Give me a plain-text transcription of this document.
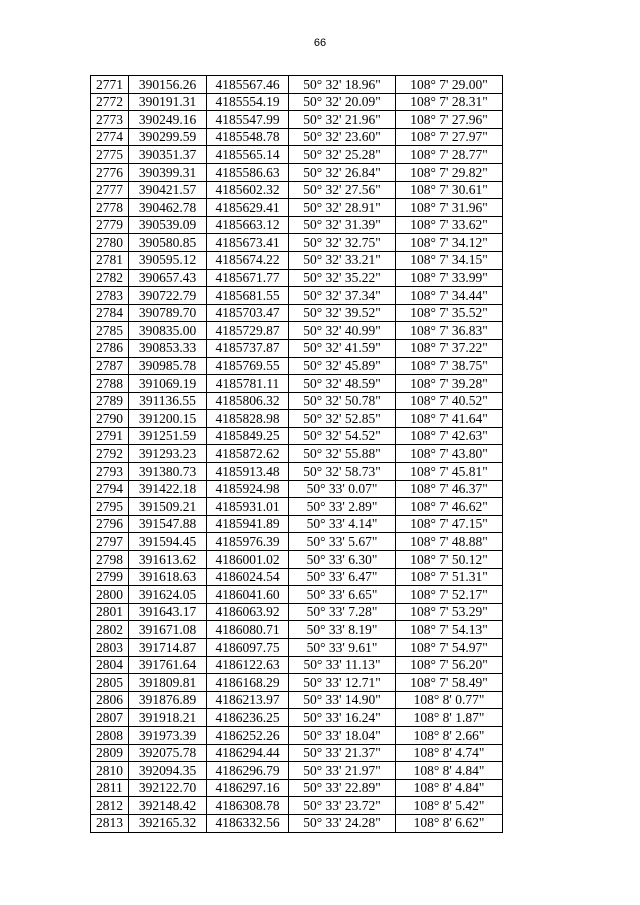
66
2771	390156.26	4185567.46	50° 32' 18.96"	108° 7' 29.00"
2772	390191.31	4185554.19	50° 32' 20.09"	108° 7' 28.31"
2773	390249.16	4185547.99	50° 32' 21.96"	108° 7' 27.96"
2774	390299.59	4185548.78	50° 32' 23.60"	108° 7' 27.97"
2775	390351.37	4185565.14	50° 32' 25.28"	108° 7' 28.77"
2776	390399.31	4185586.63	50° 32' 26.84"	108° 7' 29.82"
2777	390421.57	4185602.32	50° 32' 27.56"	108° 7' 30.61"
2778	390462.78	4185629.41	50° 32' 28.91"	108° 7' 31.96"
2779	390539.09	4185663.12	50° 32' 31.39"	108° 7' 33.62"
2780	390580.85	4185673.41	50° 32' 32.75"	108° 7' 34.12"
2781	390595.12	4185674.22	50° 32' 33.21"	108° 7' 34.15"
2782	390657.43	4185671.77	50° 32' 35.22"	108° 7' 33.99"
2783	390722.79	4185681.55	50° 32' 37.34"	108° 7' 34.44"
2784	390789.70	4185703.47	50° 32' 39.52"	108° 7' 35.52"
2785	390835.00	4185729.87	50° 32' 40.99"	108° 7' 36.83"
2786	390853.33	4185737.87	50° 32' 41.59"	108° 7' 37.22"
2787	390985.78	4185769.55	50° 32' 45.89"	108° 7' 38.75"
2788	391069.19	4185781.11	50° 32' 48.59"	108° 7' 39.28"
2789	391136.55	4185806.32	50° 32' 50.78"	108° 7' 40.52"
2790	391200.15	4185828.98	50° 32' 52.85"	108° 7' 41.64"
2791	391251.59	4185849.25	50° 32' 54.52"	108° 7' 42.63"
2792	391293.23	4185872.62	50° 32' 55.88"	108° 7' 43.80"
2793	391380.73	4185913.48	50° 32' 58.73"	108° 7' 45.81"
2794	391422.18	4185924.98	50° 33' 0.07"	108° 7' 46.37"
2795	391509.21	4185931.01	50° 33' 2.89"	108° 7' 46.62"
2796	391547.88	4185941.89	50° 33' 4.14"	108° 7' 47.15"
2797	391594.45	4185976.39	50° 33' 5.67"	108° 7' 48.88"
2798	391613.62	4186001.02	50° 33' 6.30"	108° 7' 50.12"
2799	391618.63	4186024.54	50° 33' 6.47"	108° 7' 51.31"
2800	391624.05	4186041.60	50° 33' 6.65"	108° 7' 52.17"
2801	391643.17	4186063.92	50° 33' 7.28"	108° 7' 53.29"
2802	391671.08	4186080.71	50° 33' 8.19"	108° 7' 54.13"
2803	391714.87	4186097.75	50° 33' 9.61"	108° 7' 54.97"
2804	391761.64	4186122.63	50° 33' 11.13"	108° 7' 56.20"
2805	391809.81	4186168.29	50° 33' 12.71"	108° 7' 58.49"
2806	391876.89	4186213.97	50° 33' 14.90"	108° 8' 0.77"
2807	391918.21	4186236.25	50° 33' 16.24"	108° 8' 1.87"
2808	391973.39	4186252.26	50° 33' 18.04"	108° 8' 2.66"
2809	392075.78	4186294.44	50° 33' 21.37"	108° 8' 4.74"
2810	392094.35	4186296.79	50° 33' 21.97"	108° 8' 4.84"
2811	392122.70	4186297.16	50° 33' 22.89"	108° 8' 4.84"
2812	392148.42	4186308.78	50° 33' 23.72"	108° 8' 5.42"
2813	392165.32	4186332.56	50° 33' 24.28"	108° 8' 6.62"
